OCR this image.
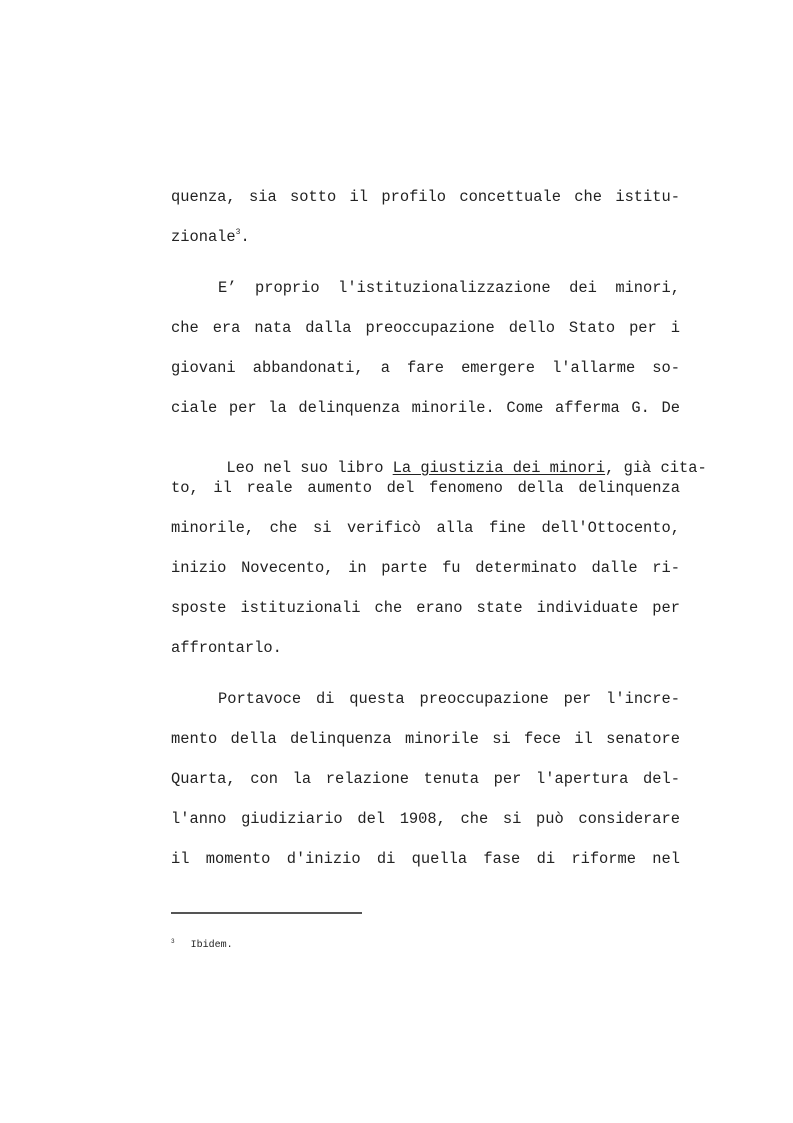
quenza, sia sotto il profilo concettuale che istitu-
zionale$^3$.
E’ proprio l'istituzionalizzazione dei minori,
che era nata dalla preoccupazione dello Stato per i
giovani abbandonati, a fare emergere l'allarme so-
ciale per la delinquenza minorile. Come afferma G. De

Leo nel suo libro La giustizia dei minori, già cita-

to, il reale aumento del fenomeno della delinquenza
minorile, che si verificò alla fine dell'Ottocento,
inizio Novecento, in parte fu determinato dalle ri-
sposte istituzionali che erano state individuate per
affrontarlo.
Portavoce di questa preoccupazione per l'incre-
mento della delinquenza minorile si fece il senatore
Quarta, con la relazione tenuta per l'apertura del-
l'anno giudiziario del 1908, che si può considerare
il momento d'inizio di quella fase di riforme nel
$^3$ Ibidem.
